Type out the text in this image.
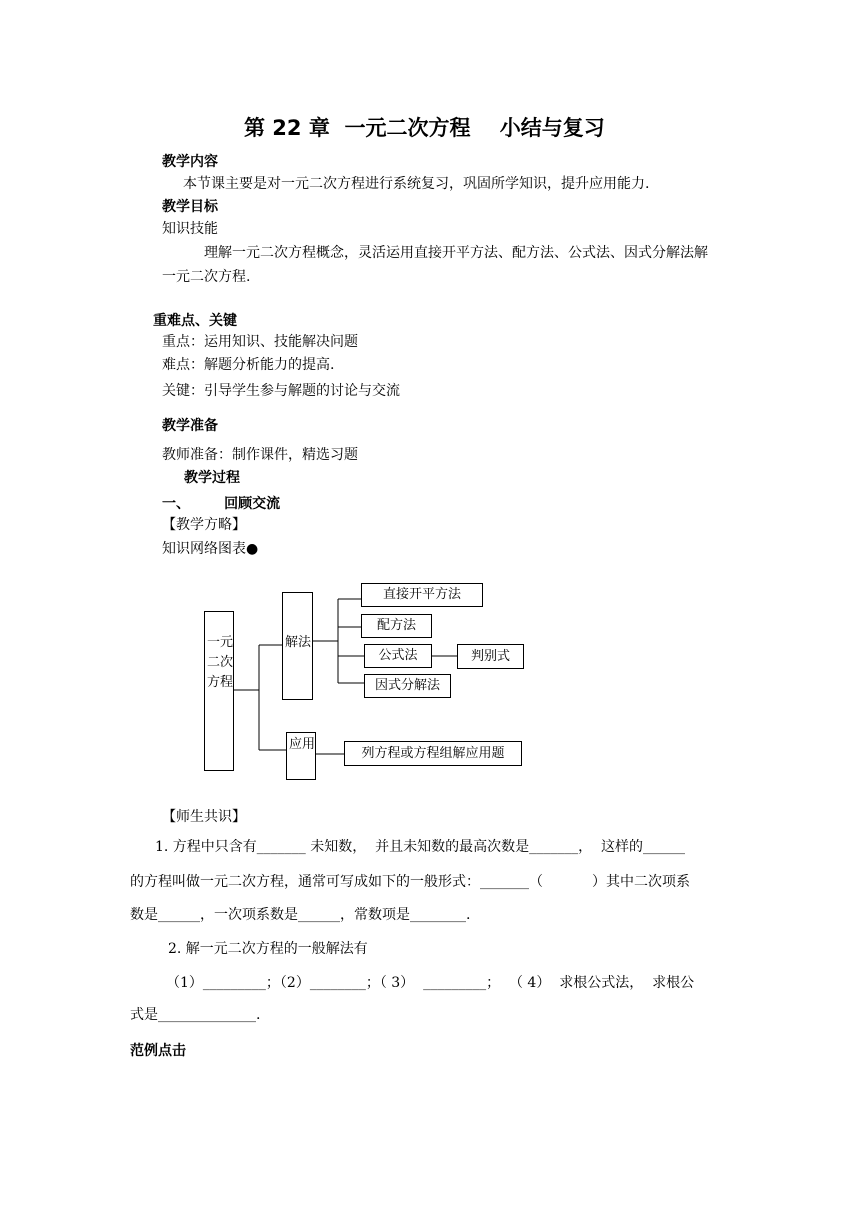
第 22 章  一元二次方程    小结与复习
教学内容
本节课主要是对一元二次方程进行系统复习，巩固所学知识，提升应用能力.
教学目标
知识技能
理解一元二次方程概念，灵活运用直接开平方法、配方法、公式法、因式分解法解
一元二次方程.
重难点、关键
重点：运用知识、技能解决问题
难点：解题分析能力的提高.
关键：引导学生参与解题的讨论与交流
教学准备
教师准备：制作课件，精选习题
教学过程
一、       回顾交流
【教学方略】
知识网络图表●
一元二次方程
解法
应用
直接开平方法
配方法
公式法
因式分解法
判别式
列方程或方程组解应用题
【师生共识】
1. 方程中只含有_______ 未知数，  并且未知数的最高次数是_______，  这样的______
的方程叫做一元二次方程，通常可写成如下的一般形式：_______（           ）其中二次项系
数是______，一次项系数是______，常数项是________.
2. 解一元二次方程的一般解法有
（1）_________；（2）________；（ 3）  _________；  （ 4）  求根公式法，  求根公
式是______________.
范例点击
